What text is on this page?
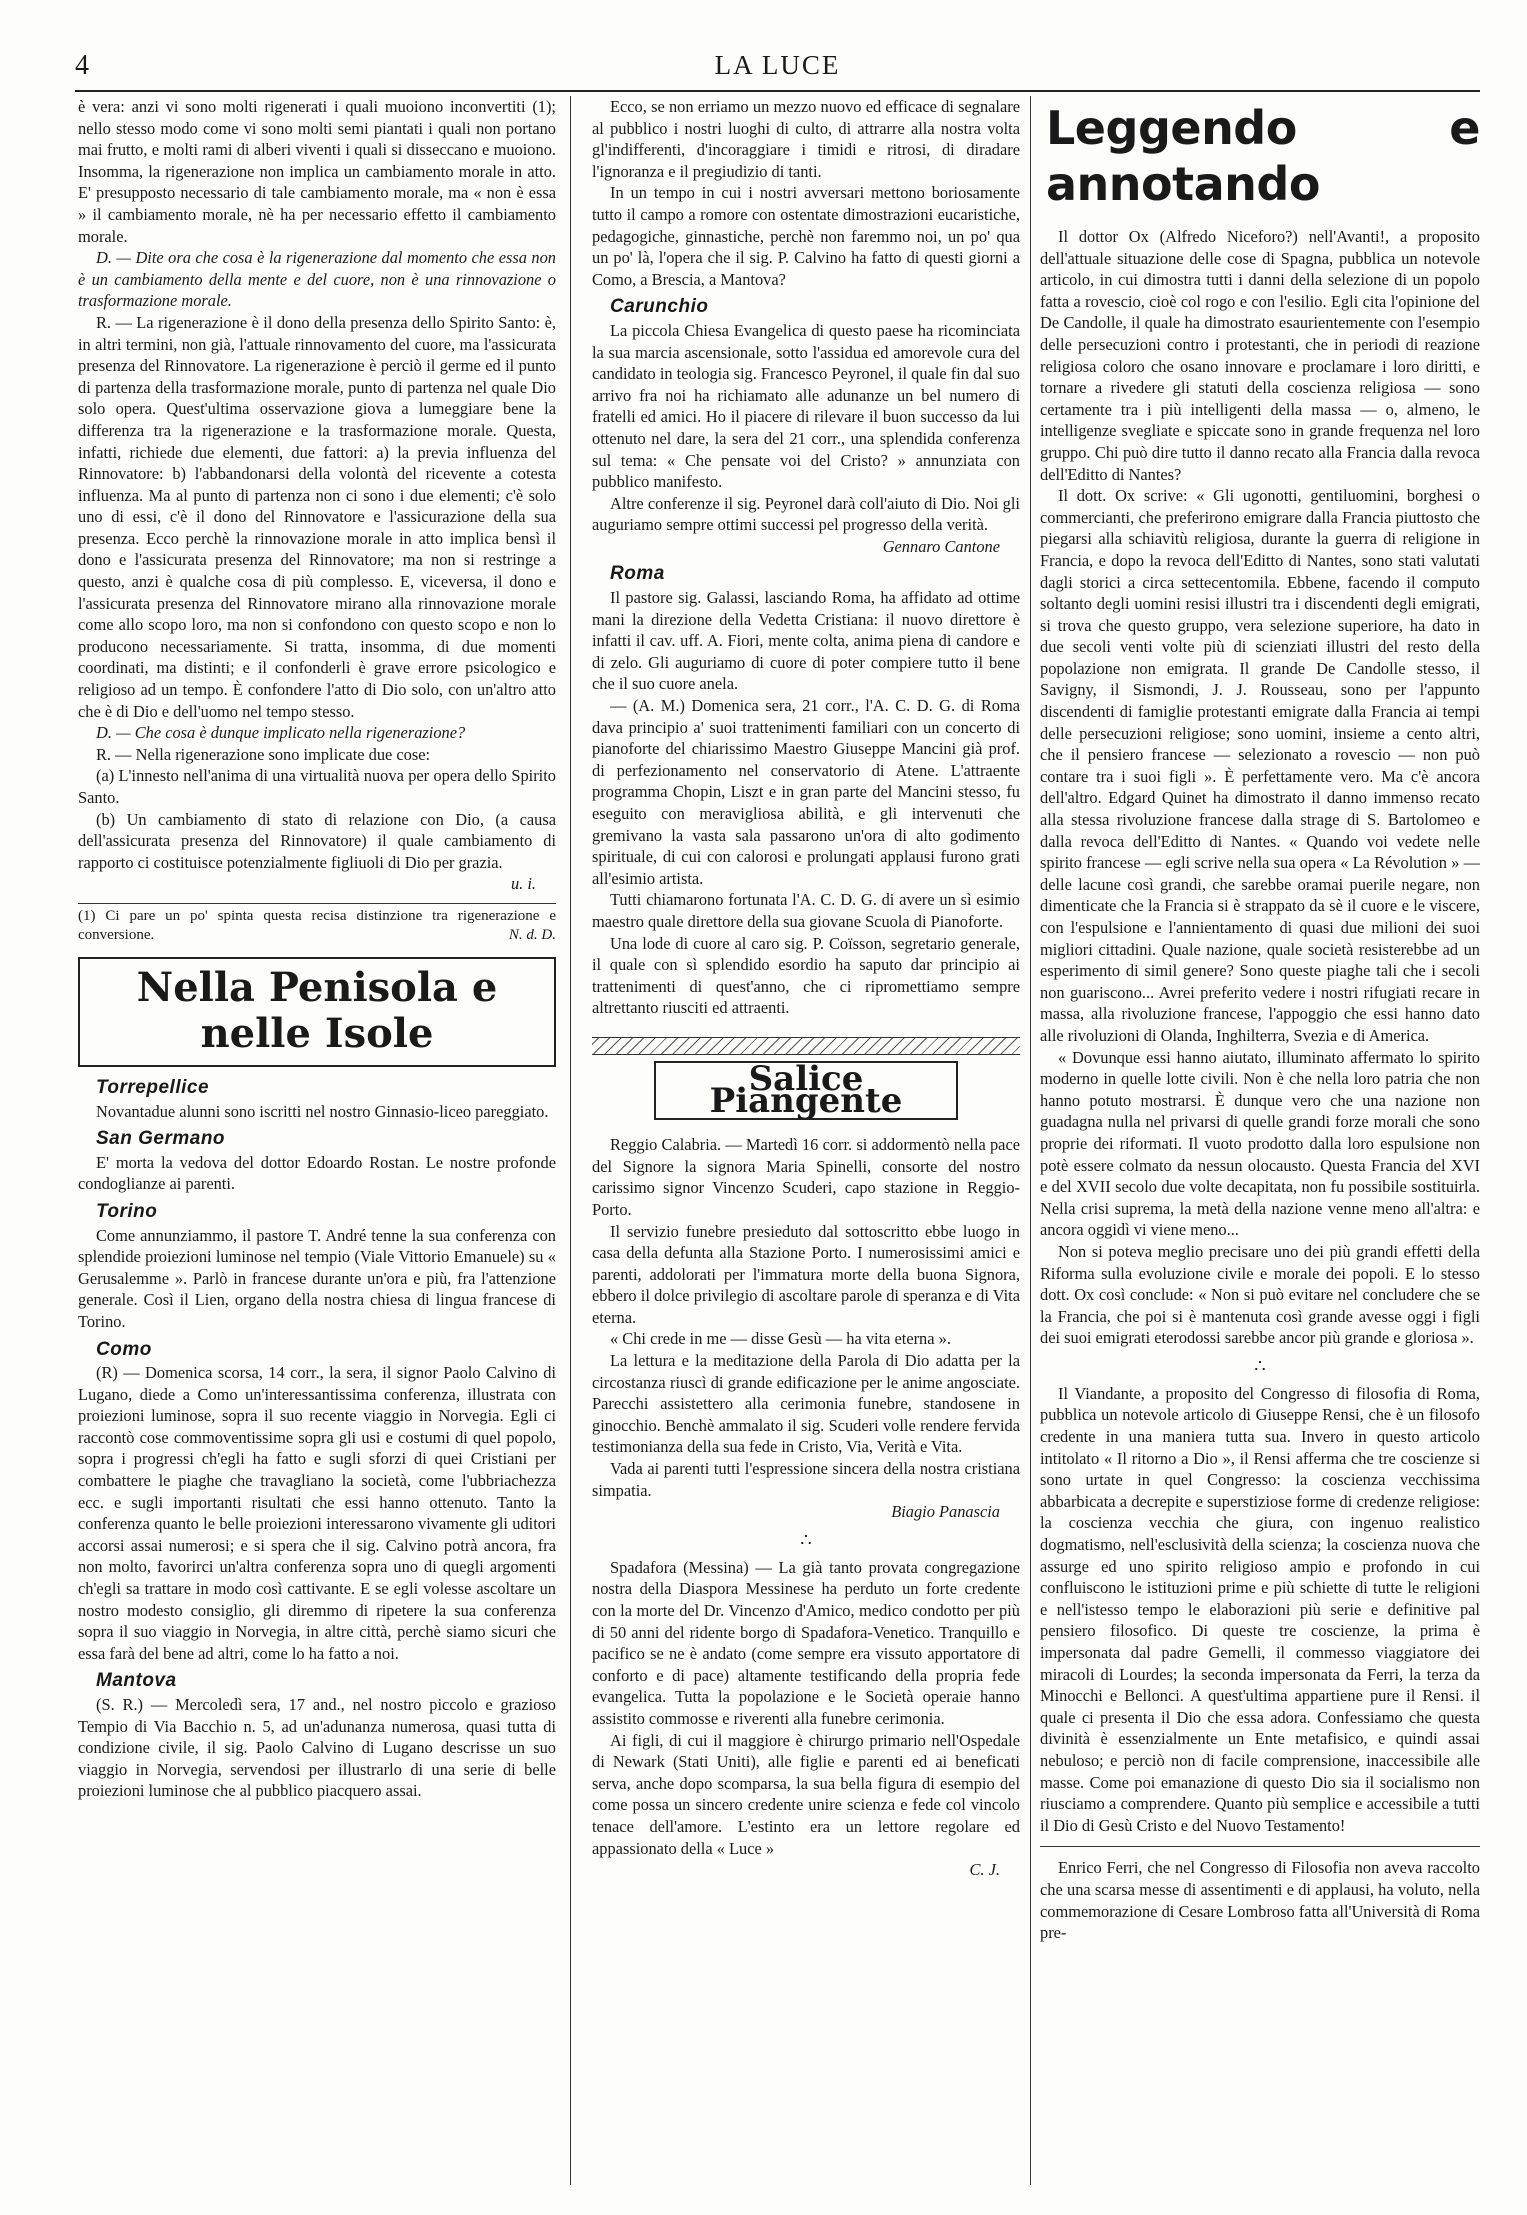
4	LA LUCE

è vera: anzi vi sono molti rigenerati i quali muoiono inconvertiti (1); nello stesso modo come vi sono molti semi piantati i quali non portano mai frutto, e molti rami di alberi viventi i quali si disseccano e muoiono. Insomma, la rigenerazione non implica un cambiamento morale in atto. E' presupposto necessario di tale cambiamento morale, ma « non è essa » il cambiamento morale, nè ha per necessario effetto il cambiamento morale.

D. — Dite ora che cosa è la rigenerazione dal momento che essa non è un cambiamento della mente e del cuore, non è una rinnovazione o trasformazione morale.

R. — La rigenerazione è il dono della presenza dello Spirito Santo: è, in altri termini, non già, l'attuale rinnovamento del cuore, ma l'assicurata presenza del Rinnovatore. La rigenerazione è perciò il germe ed il punto di partenza della trasformazione morale, punto di partenza nel quale Dio solo opera. Quest'ultima osservazione giova a lumeggiare bene la differenza tra la rigenerazione e la trasformazione morale. Questa, infatti, richiede due elementi, due fattori: a) la previa influenza del Rinnovatore: b) l'abbandonarsi della volontà del ricevente a cotesta influenza. Ma al punto di partenza non ci sono i due elementi; c'è solo uno di essi, c'è il dono del Rinnovatore e l'assicurazione della sua presenza. Ecco perchè la rinnovazione morale in atto implica bensì il dono e l'assicurata presenza del Rinnovatore; ma non si restringe a questo, anzi è qualche cosa di più complesso. E, viceversa, il dono e l'assicurata presenza del Rinnovatore mirano alla rinnovazione morale come allo scopo loro, ma non si confondono con questo scopo e non lo producono necessariamente. Si tratta, insomma, di due momenti coordinati, ma distinti; e il confonderli è grave errore psicologico e religioso ad un tempo. È confondere l'atto di Dio solo, con un'altro atto che è di Dio e dell'uomo nel tempo stesso.

D. — Che cosa è dunque implicato nella rigenerazione?

R. — Nella rigenerazione sono implicate due cose:

(a) L'innesto nell'anima di una virtualità nuova per opera dello Spirito Santo.

(b) Un cambiamento di stato di relazione con Dio, (a causa dell'assicurata presenza del Rinnovatore) il quale cambiamento di rapporto ci costituisce potenzialmente figliuoli di Dio per grazia.

u. i.
(1) Ci pare un po' spinta questa recisa distinzione tra rigenerazione e conversione.	N. d. D.
Nella Penisola e nelle Isole
Torrepellice

Novantadue alunni sono iscritti nel nostro Ginnasio-liceo pareggiato.

San Germano

E' morta la vedova del dottor Edoardo Rostan. Le nostre profonde condoglianze ai parenti.

Torino

Come annunziammo, il pastore T. André tenne la sua conferenza con splendide proiezioni luminose nel tempio (Viale Vittorio Emanuele) su « Gerusalemme ». Parlò in francese durante un'ora e più, fra l'attenzione generale. Così il Lien, organo della nostra chiesa di lingua francese di Torino.

Como

(R) — Domenica scorsa, 14 corr., la sera, il signor Paolo Calvino di Lugano, diede a Como un'interessantissima conferenza, illustrata con proiezioni luminose, sopra il suo recente viaggio in Norvegia. Egli ci raccontò cose commoventissime sopra gli usi e costumi di quel popolo, sopra i progressi ch'egli ha fatto e sugli sforzi di quei Cristiani per combattere le piaghe che travagliano la società, come l'ubbriachezza ecc. e sugli importanti risultati che essi hanno ottenuto. Tanto la conferenza quanto le belle proiezioni interessarono vivamente gli uditori accorsi assai numerosi; e si spera che il sig. Calvino potrà ancora, fra non molto, favorirci un'altra conferenza sopra uno di quegli argomenti ch'egli sa trattare in modo così cattivante. E se egli volesse ascoltare un nostro modesto consiglio, gli diremmo di ripetere la sua conferenza sopra il suo viaggio in Norvegia, in altre città, perchè siamo sicuri che essa farà del bene ad altri, come lo ha fatto a noi.

Mantova

(S. R.) — Mercoledì sera, 17 and., nel nostro piccolo e grazioso Tempio di Via Bacchio n. 5, ad un'adunanza numerosa, quasi tutta di condizione civile, il sig. Paolo Calvino di Lugano descrisse un suo viaggio in Norvegia, servendosi per illustrarlo di una serie di belle proiezioni luminose che al pubblico piacquero assai.

Ecco, se non erriamo un mezzo nuovo ed efficace di segnalare al pubblico i nostri luoghi di culto, di attrarre alla nostra volta gl'indifferenti, d'incoraggiare i timidi e ritrosi, di diradare l'ignoranza e il pregiudizio di tanti.

In un tempo in cui i nostri avversari mettono boriosamente tutto il campo a romore con ostentate dimostrazioni eucaristiche, pedagogiche, ginnastiche, perchè non faremmo noi, un po' qua un po' là, l'opera che il sig. P. Calvino ha fatto di questi giorni a Como, a Brescia, a Mantova?

Carunchio

La piccola Chiesa Evangelica di questo paese ha ricominciata la sua marcia ascensionale, sotto l'assidua ed amorevole cura del candidato in teologia sig. Francesco Peyronel, il quale fin dal suo arrivo fra noi ha richiamato alle adunanze un bel numero di fratelli ed amici. Ho il piacere di rilevare il buon successo da lui ottenuto nel dare, la sera del 21 corr., una splendida conferenza sul tema: « Che pensate voi del Cristo? » annunziata con pubblico manifesto.

Altre conferenze il sig. Peyronel darà coll'aiuto di Dio. Noi gli auguriamo sempre ottimi successi pel progresso della verità.

Gennaro Cantone
Roma

Il pastore sig. Galassi, lasciando Roma, ha affidato ad ottime mani la direzione della Vedetta Cristiana: il nuovo direttore è infatti il cav. uff. A. Fiori, mente colta, anima piena di candore e di zelo. Gli auguriamo di cuore di poter compiere tutto il bene che il suo cuore anela.

— (A. M.) Domenica sera, 21 corr., l'A. C. D. G. di Roma dava principio a' suoi trattenimenti familiari con un concerto di pianoforte del chiarissimo Maestro Giuseppe Mancini già prof. di perfezionamento nel conservatorio di Atene. L'attraente programma Chopin, Liszt e in gran parte del Mancini stesso, fu eseguito con meravigliosa abilità, e gli intervenuti che gremivano la vasta sala passarono un'ora di alto godimento spirituale, di cui con calorosi e prolungati applausi furono grati all'esimio artista.

Tutti chiamarono fortunata l'A. C. D. G. di avere un sì esimio maestro quale direttore della sua giovane Scuola di Pianoforte.

Una lode di cuore al caro sig. P. Coïsson, segretario generale, il quale con sì splendido esordio ha saputo dar principio ai trattenimenti di quest'anno, che ci ripromettiamo sempre altrettanto riusciti ed attraenti.

Salice Piangente

Reggio Calabria. — Martedì 16 corr. si addormentò nella pace del Signore la signora Maria Spinelli, consorte del nostro carissimo signor Vincenzo Scuderi, capo stazione in Reggio-Porto.

Il servizio funebre presieduto dal sottoscritto ebbe luogo in casa della defunta alla Stazione Porto. I numerosissimi amici e parenti, addolorati per l'immatura morte della buona Signora, ebbero il dolce privilegio di ascoltare parole di speranza e di Vita eterna.

« Chi crede in me — disse Gesù — ha vita eterna ».

La lettura e la meditazione della Parola di Dio adatta per la circostanza riuscì di grande edificazione per le anime angosciate. Parecchi assistettero alla cerimonia funebre, standosene in ginocchio. Benchè ammalato il sig. Scuderi volle rendere fervida testimonianza della sua fede in Cristo, Via, Verità e Vita.

Vada ai parenti tutti l'espressione sincera della nostra cristiana simpatia.

Biagio Panascia
∴

Spadafora (Messina) — La già tanto provata congregazione nostra della Diaspora Messinese ha perduto un forte credente con la morte del Dr. Vincenzo d'Amico, medico condotto per più di 50 anni del ridente borgo di Spadafora-Venetico. Tranquillo e pacifico se ne è andato (come sempre era vissuto apportatore di conforto e di pace) altamente testificando della propria fede evangelica. Tutta la popolazione e le Società operaie hanno assistito commosse e riverenti alla funebre cerimonia.

Ai figli, di cui il maggiore è chirurgo primario nell'Ospedale di Newark (Stati Uniti), alle figlie e parenti ed ai beneficati serva, anche dopo scomparsa, la sua bella figura di esempio del come possa un sincero credente unire scienza e fede col vincolo tenace dell'amore. L'estinto era un lettore regolare ed appassionato della « Luce »

C. J.
Leggendo e annotando

Il dottor Ox (Alfredo Niceforo?) nell'Avanti!, a proposito dell'attuale situazione delle cose di Spagna, pubblica un notevole articolo, in cui dimostra tutti i danni della selezione di un popolo fatta a rovescio, cioè col rogo e con l'esilio. Egli cita l'opinione del De Candolle, il quale ha dimostrato esaurientemente con l'esempio delle persecuzioni contro i protestanti, che in periodi di reazione religiosa coloro che osano innovare e proclamare i loro diritti, e tornare a rivedere gli statuti della coscienza religiosa — sono certamente tra i più intelligenti della massa — o, almeno, le intelligenze svegliate e spiccate sono in grande frequenza nel loro gruppo. Chi può dire tutto il danno recato alla Francia dalla revoca dell'Editto di Nantes?

Il dott. Ox scrive: « Gli ugonotti, gentiluomini, borghesi o commercianti, che preferirono emigrare dalla Francia piuttosto che piegarsi alla schiavitù religiosa, durante la guerra di religione in Francia, e dopo la revoca dell'Editto di Nantes, sono stati valutati dagli storici a circa settecentomila. Ebbene, facendo il computo soltanto degli uomini resisi illustri tra i discendenti degli emigrati, si trova che questo gruppo, vera selezione superiore, ha dato in due secoli venti volte più di scienziati illustri del resto della popolazione non emigrata. Il grande De Candolle stesso, il Savigny, il Sismondi, J. J. Rousseau, sono per l'appunto discendenti di famiglie protestanti emigrate dalla Francia ai tempi delle persecuzioni religiose; sono uomini, insieme a cento altri, che il pensiero francese — selezionato a rovescio — non può contare tra i suoi figli ». È perfettamente vero. Ma c'è ancora dell'altro. Edgard Quinet ha dimostrato il danno immenso recato alla stessa rivoluzione francese dalla strage di S. Bartolomeo e dalla revoca dell'Editto di Nantes. « Quando voi vedete nelle spirito francese — egli scrive nella sua opera « La Révolution » — delle lacune così grandi, che sarebbe oramai puerile negare, non dimenticate che la Francia si è strappato da sè il cuore e le viscere, con l'espulsione e l'annientamento di quasi due milioni dei suoi migliori cittadini. Quale nazione, quale società resisterebbe ad un esperimento di simil genere? Sono queste piaghe tali che i secoli non guariscono... Avrei preferito vedere i nostri rifugiati recare in massa, alla rivoluzione francese, l'appoggio che essi hanno dato alle rivoluzioni di Olanda, Inghilterra, Svezia e di America.

« Dovunque essi hanno aiutato, illuminato affermato lo spirito moderno in quelle lotte civili. Non è che nella loro patria che non hanno potuto mostrarsi. È dunque vero che una nazione non guadagna nulla nel privarsi di quelle grandi forze morali che sono proprie dei riformati. Il vuoto prodotto dalla loro espulsione non potè essere colmato da nessun olocausto. Questa Francia del XVI e del XVII secolo due volte decapitata, non fu possibile sostituirla. Nella crisi suprema, la metà della nazione venne meno all'altra: e ancora oggidì vi viene meno...

Non si poteva meglio precisare uno dei più grandi effetti della Riforma sulla evoluzione civile e morale dei popoli. E lo stesso dott. Ox così conclude: « Non si può evitare nel concludere che se la Francia, che poi si è mantenuta così grande avesse oggi i figli dei suoi emigrati eterodossi sarebbe ancor più grande e gloriosa ».

∴

Il Viandante, a proposito del Congresso di filosofia di Roma, pubblica un notevole articolo di Giuseppe Rensi, che è un filosofo credente in una maniera tutta sua. Invero in questo articolo intitolato « Il ritorno a Dio », il Rensi afferma che tre coscienze si sono urtate in quel Congresso: la coscienza vecchissima abbarbicata a decrepite e superstiziose forme di credenze religiose: la coscienza vecchia che giura, con ingenuo realistico dogmatismo, nell'esclusività della scienza; la coscienza nuova che assurge ed uno spirito religioso ampio e profondo in cui confluiscono le istituzioni prime e più schiette di tutte le religioni e nell'istesso tempo le elaborazioni più serie e definitive pal pensiero filosofico. Di queste tre coscienze, la prima è impersonata dal padre Gemelli, il commesso viaggiatore dei miracoli di Lourdes; la seconda impersonata da Ferri, la terza da Minocchi e Bellonci. A quest'ultima appartiene pure il Rensi. il quale ci presenta il Dio che essa adora. Confessiamo che questa divinità è essenzialmente un Ente metafisico, e quindi assai nebuloso; e perciò non di facile comprensione, inaccessibile alle masse. Come poi emanazione di questo Dio sia il socialismo non riusciamo a comprendere. Quanto più semplice e accessibile a tutti il Dio di Gesù Cristo e del Nuovo Testamento!

Enrico Ferri, che nel Congresso di Filosofia non aveva raccolto che una scarsa messe di assentimenti e di applausi, ha voluto, nella commemorazione di Cesare Lombroso fatta all'Università di Roma pre-
